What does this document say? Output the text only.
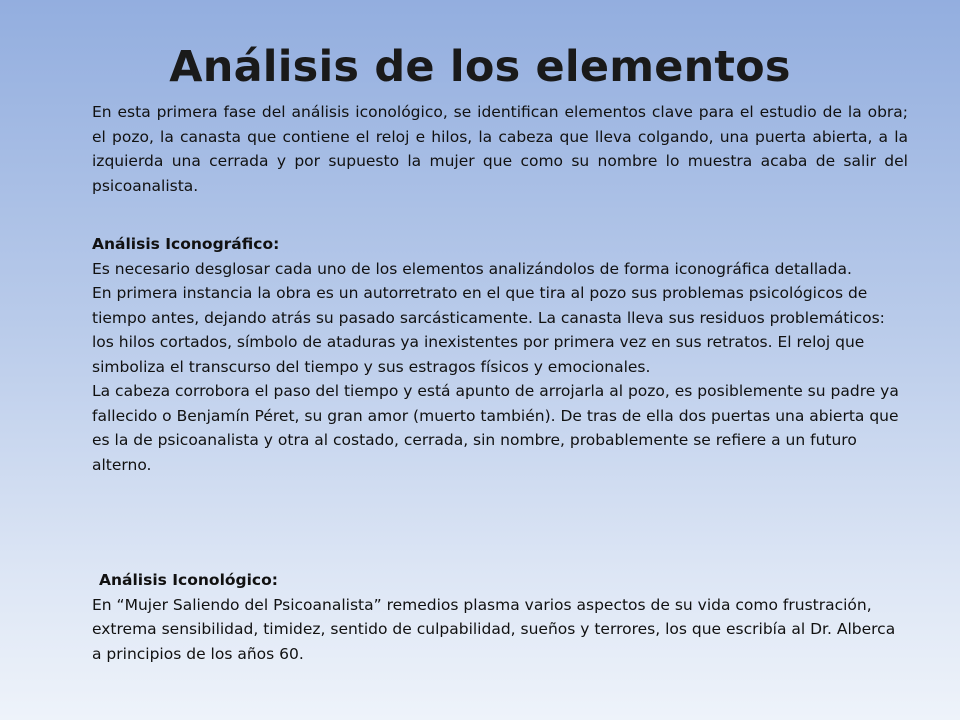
Análisis de los elementos

En esta primera fase del análisis iconológico, se identifican elementos clave para el estudio de la obra; el pozo, la canasta que contiene el reloj e hilos, la cabeza que lleva colgando, una puerta abierta, a la izquierda una cerrada y por supuesto la mujer que como su nombre lo muestra acaba de salir del psicoanalista.

Análisis Iconográfico:

Es necesario desglosar cada uno de los elementos analizándolos de forma iconográfica detallada.

En primera instancia la obra es un autorretrato en el que tira al pozo sus problemas psicológicos de tiempo antes, dejando atrás su pasado sarcásticamente. La canasta lleva sus residuos problemáticos: los hilos cortados, símbolo de ataduras ya inexistentes por primera vez en sus retratos. El reloj que simboliza el transcurso del tiempo y sus estragos físicos y emocionales.

La cabeza corrobora el paso del tiempo y está apunto de arrojarla al pozo, es posiblemente su padre ya fallecido o Benjamín Péret, su gran amor (muerto también). De tras de ella dos puertas una abierta que es la de psicoanalista y otra al costado, cerrada, sin nombre, probablemente se refiere a un futuro alterno.

Análisis Iconológico:

En “Mujer Saliendo del Psicoanalista” remedios plasma varios aspectos de su vida como frustración, extrema sensibilidad, timidez, sentido de culpabilidad, sueños y terrores, los que escribía al Dr. Alberca a principios de los años 60.
